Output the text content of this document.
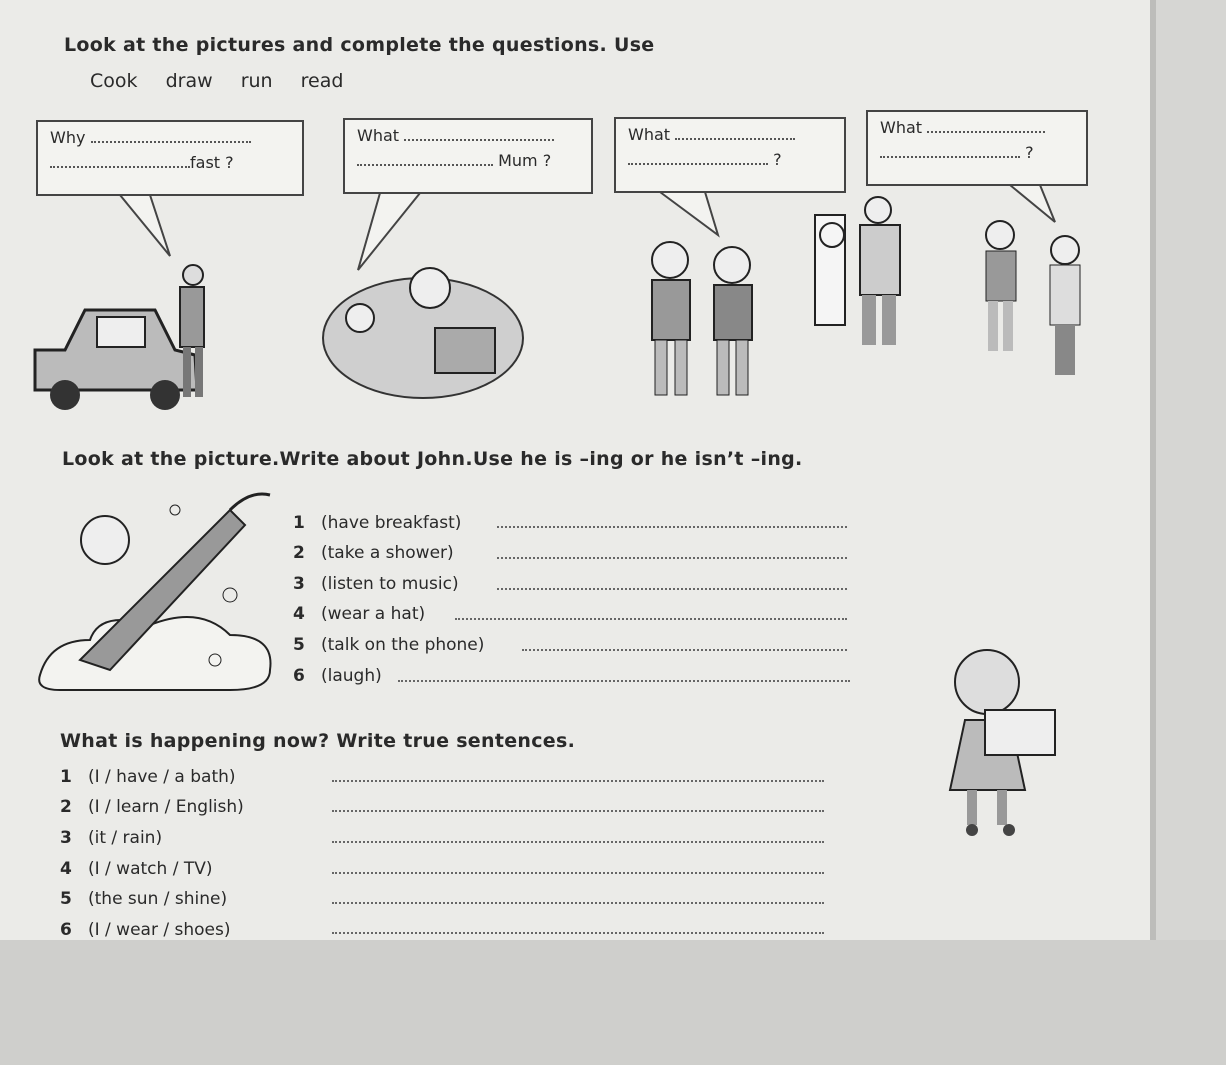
Look at the pictures and complete the questions. Use
Cook draw run read
Why
fast ?
What
Mum ?
What
?
What
?
Look at the picture.Write about John.Use he is –ing or he isn’t –ing.
1 (have breakfast)
2 (take a shower)
3 (listen to music)
4 (wear a hat)
5 (talk on the phone)
6 (laugh)
What is happening now? Write true sentences.
1 (I / have / a bath)
2 (I / learn / English)
3 (it / rain)
4 (I / watch / TV)
5 (the sun / shine)
6 (I / wear / shoes)
